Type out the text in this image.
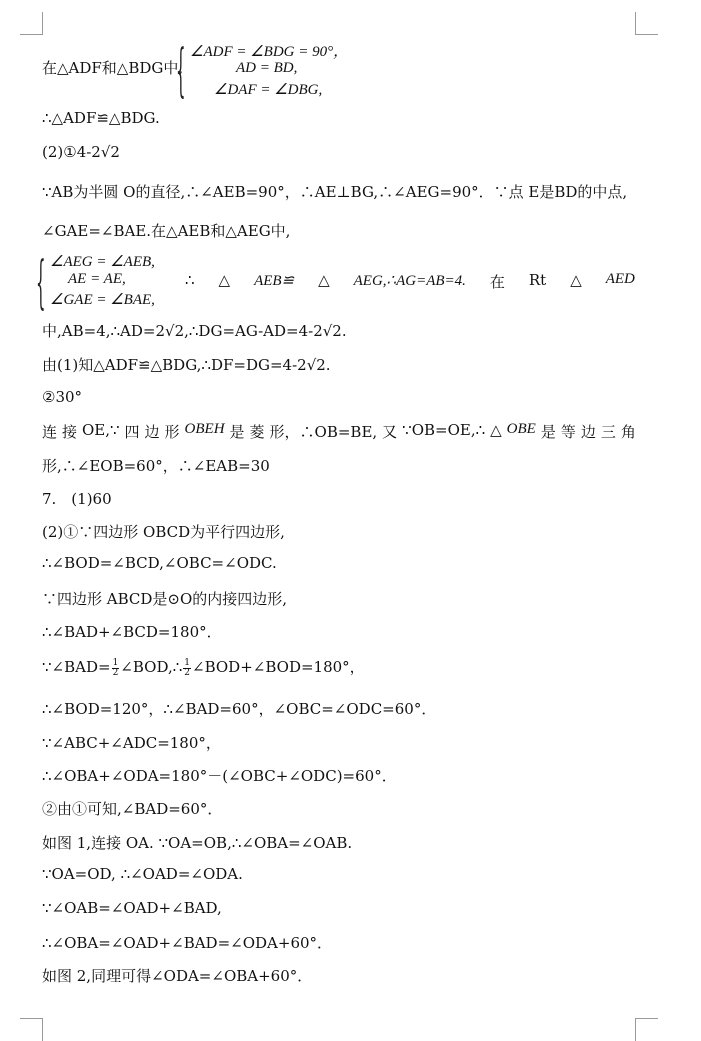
在△ADF和△BDG中,
{ ∠ADF = ∠BDG = 90°，
AD = BD,
∠DAF = ∠DBG,
∴△ADF≌△BDG.
(2)①4-2√2
∵AB为半圆 O的直径,∴∠AEB=90°，∴AE⊥BG,∴∠AEG=90°．∵点 E是BD的中点,
∠GAE=∠BAE.在△AEB和△AEG中,
{ ∠AEG = ∠AEB,
AE = AE,
∠GAE = ∠BAE,
∴ △ AEB≌ △ AEG,∴AG=AB=4. 在 Rt △ AED
中,AB=4,∴AD=2√2,∴DG=AG-AD=4-2√2.
由(1)知△ADF≌△BDG,∴DF=DG=4-2√2.
②30°
连 接 OE,∵ 四 边 形 OBEH 是 菱 形，∴OB=BE, 又 ∵OB=OE,∴ △ OBE 是 等 边 三 角
形,∴∠EOB=60°，∴∠EAB=30
7.　(1)60
(2)①∵四边形 OBCD为平行四边形,
∴∠BOD=∠BCD,∠OBC=∠ODC.
∵四边形 ABCD是⊙O的内接四边形,
∴∠BAD+∠BCD=180°．
∵∠BAD= $\frac{1}{2}$ ∠BOD,∴ $\frac{1}{2}$ ∠BOD+∠BOD=180°，
∴∠BOD=120°，∴∠BAD=60°，∠OBC=∠ODC=60°．
∵∠ABC+∠ADC=180°，
∴∠OBA+∠ODA=180°－(∠OBC+∠ODC)=60°．
②由①可知,∠BAD=60°．
如图 1,连接 OA. ∵OA=OB,∴∠OBA=∠OAB.
∵OA=OD, ∴∠OAD=∠ODA.
∵∠OAB=∠OAD+∠BAD,
∴∠OBA=∠OAD+∠BAD=∠ODA+60°．
如图 2,同理可得∠ODA=∠OBA+60°．
